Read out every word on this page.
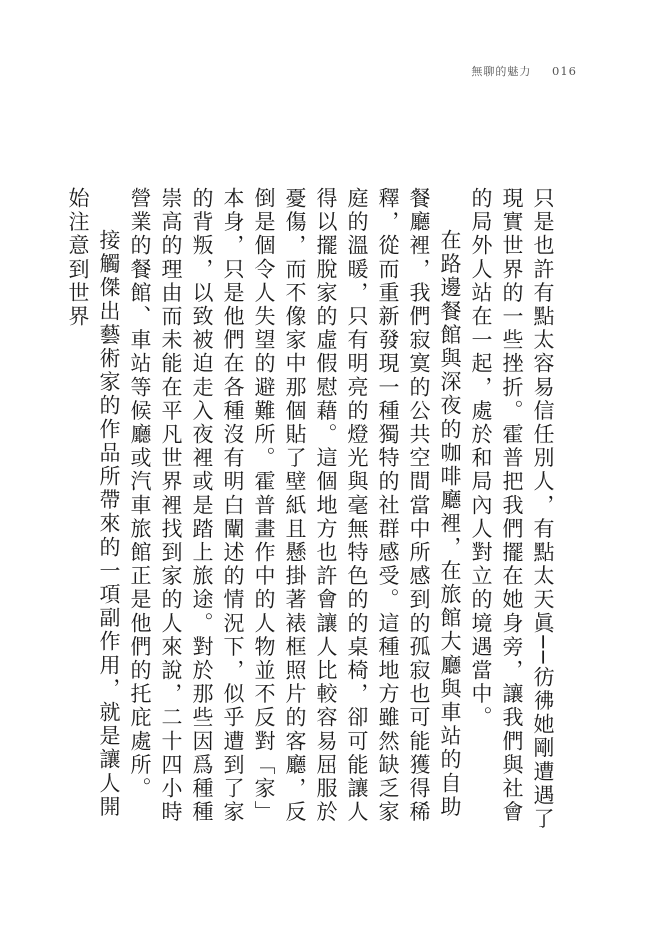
無聊的魅力 016

只是也許有點太容易信任別人，有點太天眞──彷彿她剛遭遇了現實世界的一些挫折。霍普把我們擺在她身旁，讓我們與社會的局外人站在一起，處於和局內人對立的境遇當中。

在路邊餐館與深夜的咖啡廳裡，在旅館大廳與車站的自助餐廳裡，我們寂寞的公共空間當中所感到的孤寂也可能獲得稀釋，從而重新發現一種獨特的社群感受。這種地方雖然缺乏家庭的溫暖，只有明亮的燈光與毫無特色的的桌椅，卻可能讓人得以擺脫家的虛假慰藉。這個地方也許會讓人比較容易屈服於憂傷，而不像家中那個貼了壁紙且懸掛著裱框照片的客廳，反倒是個令人失望的避難所。霍普畫作中的人物並不反對「家」本身，只是他們在各種沒有明白闡述的情況下，似乎遭到了家的背叛，以致被迫走入夜裡或是踏上旅途。對於那些因爲種種崇高的理由而未能在平凡世界裡找到家的人來說，二十四小時營業的餐館、車站等候廳或汽車旅館正是他們的托庇處所。

接觸傑出藝術家的作品所帶來的一項副作用，就是讓人開始注意到世界
